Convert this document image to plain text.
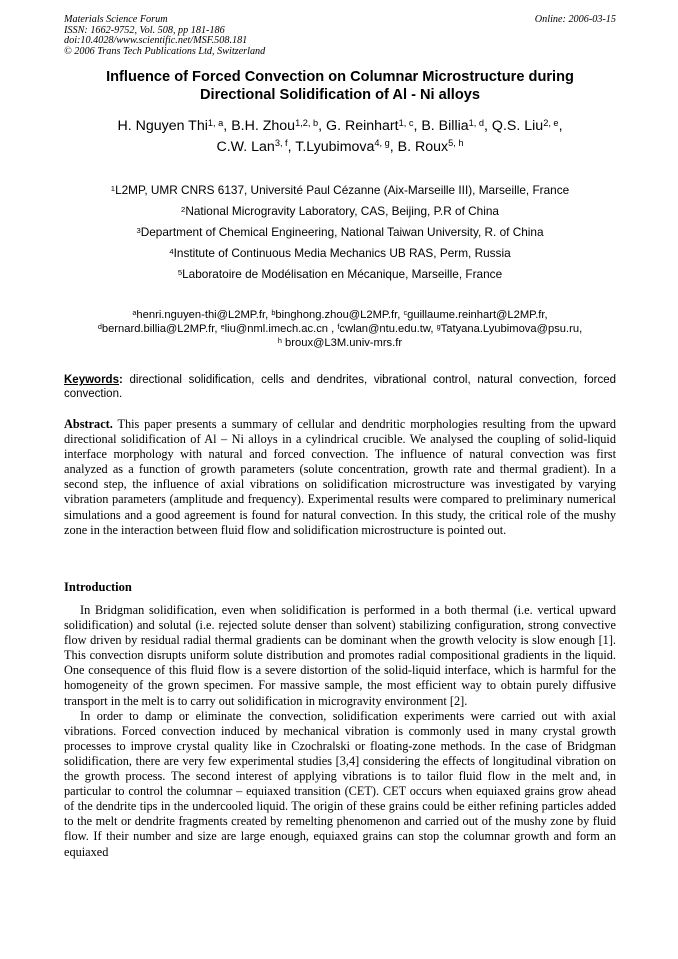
Materials Science Forum
ISSN: 1662-9752, Vol. 508, pp 181-186
doi:10.4028/www.scientific.net/MSF.508.181
© 2006 Trans Tech Publications Ltd, Switzerland
Online: 2006-03-15
Influence of Forced Convection on Columnar Microstructure during
Directional Solidification of Al - Ni alloys
H. Nguyen Thi$^{1, a}$, B.H. Zhou$^{1,2, b}$, G. Reinhart$^{1, c}$, B. Billia$^{1, d}$, Q.S. Liu$^{2, e}$,
C.W. Lan$^{3, f}$, T.Lyubimova$^{4, g}$, B. Roux$^{5, h}$
$^1$L2MP, UMR CNRS 6137, Université Paul Cézanne (Aix-Marseille III), Marseille, France
$^2$National Microgravity Laboratory, CAS, Beijing, P.R of China
$^3$Department of Chemical Engineering, National Taiwan University, R. of China
$^4$Institute of Continuous Media Mechanics UB RAS, Perm, Russia
$^5$Laboratoire de Modélisation en Mécanique, Marseille, France
$^a$henri.nguyen-thi@L2MP.fr, $^b$binghong.zhou@L2MP.fr, $^c$guillaume.reinhart@L2MP.fr,
$^d$bernard.billia@L2MP.fr, $^e$liu@nml.imech.ac.cn , $^f$cwlan@ntu.edu.tw, $^g$Tatyana.Lyubimova@psu.ru,
$^h$ broux@L3M.univ-mrs.fr
Keywords: directional solidification, cells and dendrites, vibrational control, natural convection, forced convection.
Abstract. This paper presents a summary of cellular and dendritic morphologies resulting from the upward directional solidification of Al – Ni alloys in a cylindrical crucible. We analysed the coupling of solid-liquid interface morphology with natural and forced convection. The influence of natural convection was first analyzed as a function of growth parameters (solute concentration, growth rate and thermal gradient). In a second step, the influence of axial vibrations on solidification microstructure was investigated by varying vibration parameters (amplitude and frequency). Experimental results were compared to preliminary numerical simulations and a good agreement is found for natural convection. In this study, the critical role of the mushy zone in the interaction between fluid flow and solidification microstructure is pointed out.
Introduction

In Bridgman solidification, even when solidification is performed in a both thermal (i.e. vertical upward solidification) and solutal (i.e. rejected solute denser than solvent) stabilizing configuration, strong convective flow driven by residual radial thermal gradients can be dominant when the growth velocity is slow enough [1]. This convection disrupts uniform solute distribution and promotes radial compositional gradients in the liquid. One consequence of this fluid flow is a severe distortion of the solid-liquid interface, which is harmful for the homogeneity of the grown specimen. For massive sample, the most efficient way to obtain purely diffusive transport in the melt is to carry out solidification in microgravity environment [2].

In order to damp or eliminate the convection, solidification experiments were carried out with axial vibrations. Forced convection induced by mechanical vibration is commonly used in many crystal growth processes to improve crystal quality like in Czochralski or floating-zone methods. In the case of Bridgman solidification, there are very few experimental studies [3,4] considering the effects of longitudinal vibration on the growth process. The second interest of applying vibrations is to tailor fluid flow in the melt and, in particular to control the columnar – equiaxed transition (CET). CET occurs when equiaxed grains grow ahead of the dendrite tips in the undercooled liquid. The origin of these grains could be either refining particles added to the melt or dendrite fragments created by remelting phenomenon and carried out of the mushy zone by fluid flow. If their number and size are large enough, equiaxed grains can stop the columnar growth and form an equiaxed
